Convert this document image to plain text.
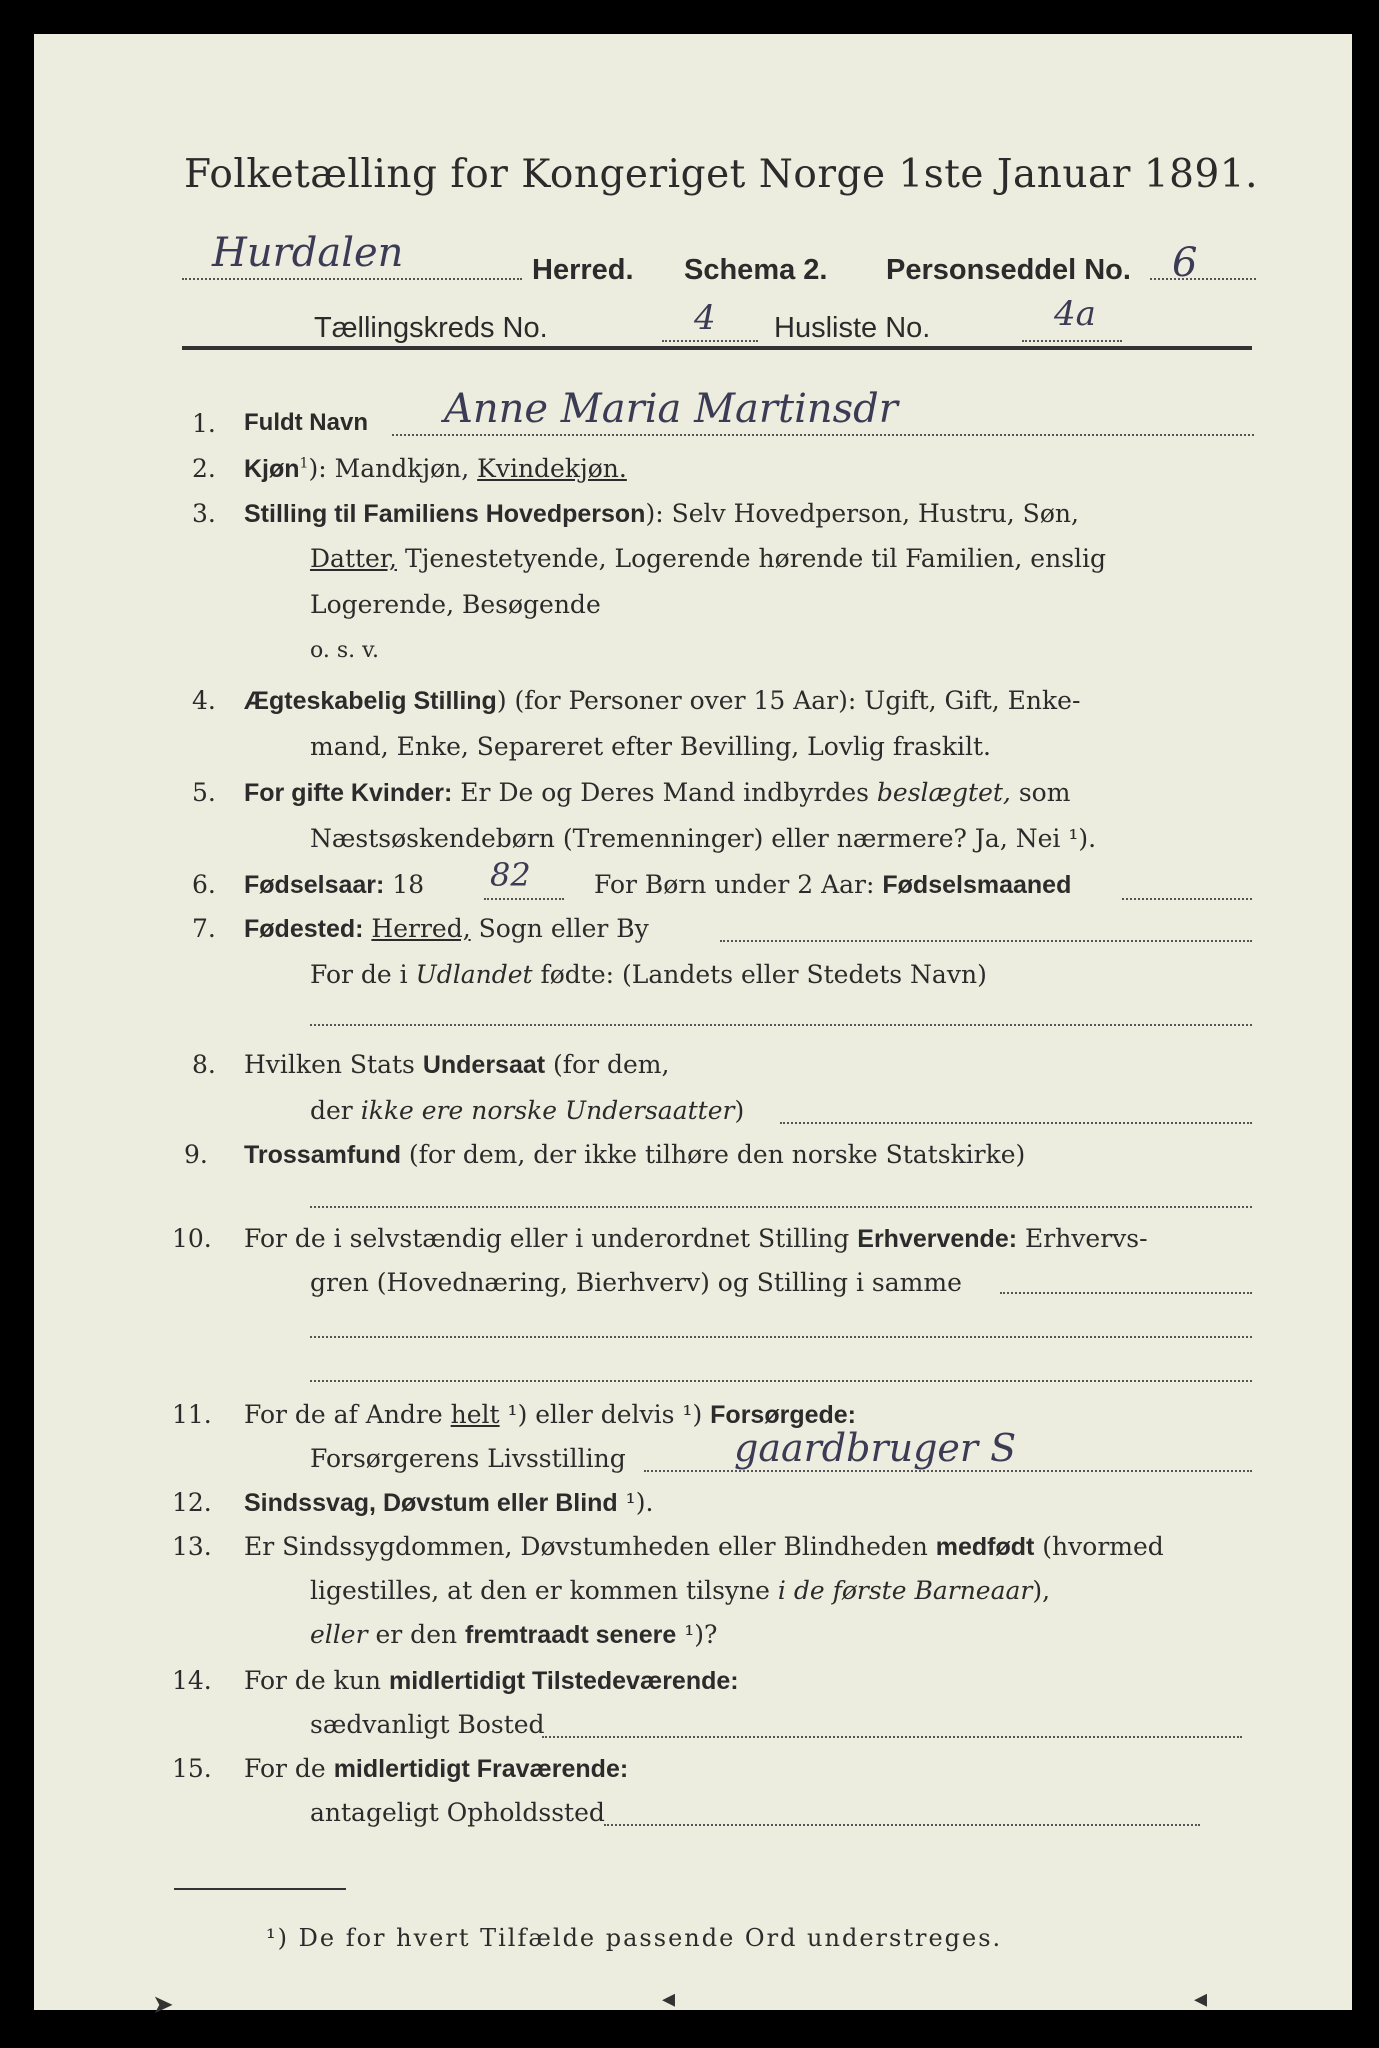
Folketælling for Kongeriget Norge 1ste Januar 1891.
Hurdalen	Herred. Schema 2. Personseddel No. 6
Tællingskreds No.	4 Husliste No.	4a
1. Fuldt Navn Anne Maria Martinsdr
2. Kjøn$^1$): Mandkjøn, Kvindekjøn.
3. Stilling til Familiens Hovedperson): Selv Hovedperson, Hustru, Søn,
Datter, Tjenestetyende, Logerende hørende til Familien, enslig
Logerende, Besøgende
o. s. v.
4. Ægteskabelig Stilling) (for Personer over 15 Aar): Ugift, Gift, Enke-
mand, Enke, Separeret efter Bevilling, Lovlig fraskilt.
5. For gifte Kvinder: Er De og Deres Mand indbyrdes beslægtet, som
Næstsøskendebørn (Tremenninger) eller nærmere? Ja, Nei ¹).
6. Fødselsaar: 18 82	For Børn under 2 Aar: Fødselsmaaned
7. Fødested: Herred, Sogn eller By
For de i Udlandet fødte: (Landets eller Stedets Navn)
8. Hvilken Stats Undersaat (for dem,
der ikke ere norske Undersaatter)
9. Trossamfund (for dem, der ikke tilhøre den norske Statskirke)
10. For de i selvstændig eller i underordnet Stilling Erhvervende: Erhvervs-
gren (Hovednæring, Bierhverv) og Stilling i samme
11. For de af Andre helt ¹) eller delvis ¹) Forsørgede:
Forsørgerens Livsstilling	gaardbruger S
12. Sindssvag, Døvstum eller Blind ¹).
13. Er Sindssygdommen, Døvstumheden eller Blindheden medfødt (hvormed
ligestilles, at den er kommen tilsyne i de første Barneaar),
eller er den fremtraadt senere ¹)?
14. For de kun midlertidigt Tilstedeværende:
sædvanligt Bosted
15. For de midlertidigt Fraværende:
antageligt Opholdssted
¹) De for hvert Tilfælde passende Ord understreges.
➤	◂	◂
